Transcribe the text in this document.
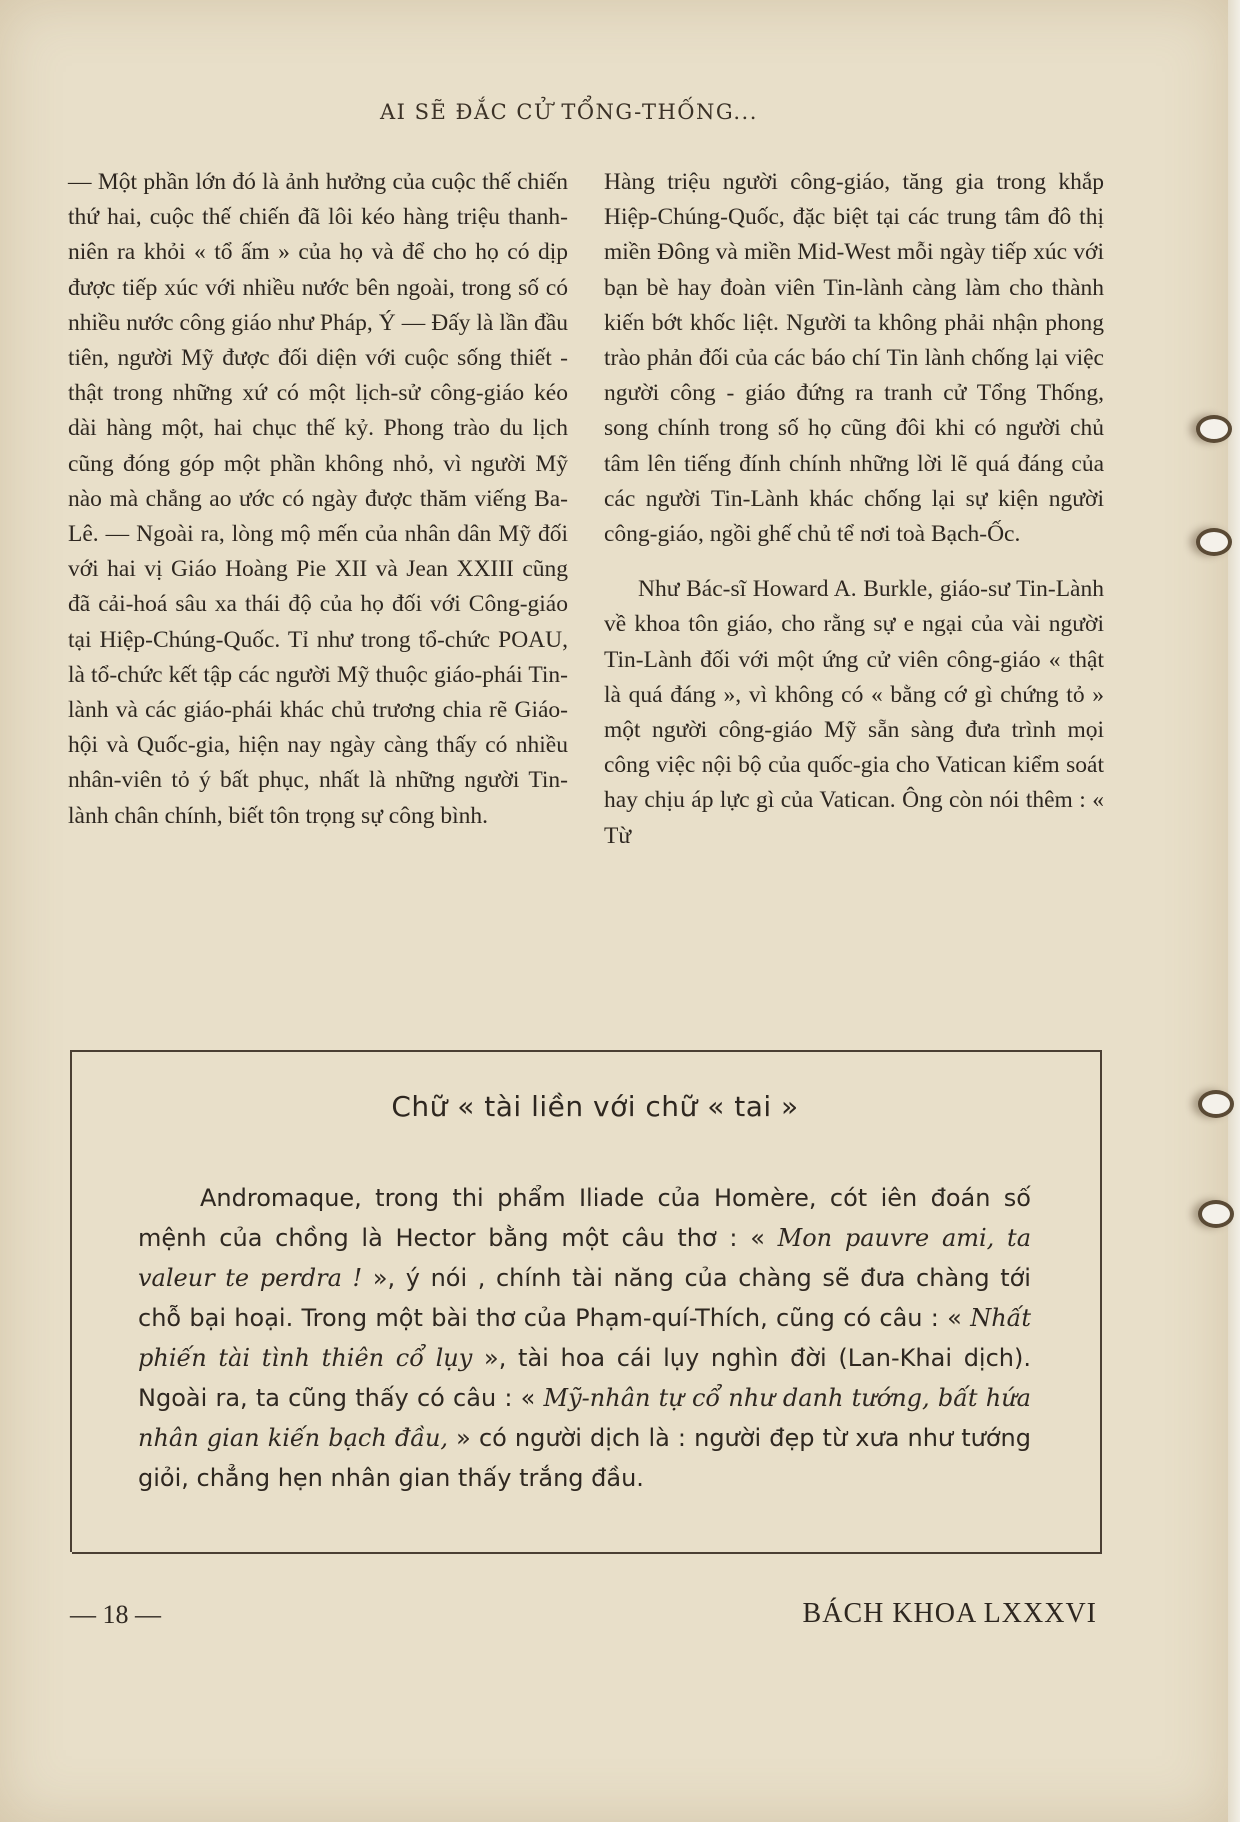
AI SẼ ĐẮC CỬ TỔNG-THỐNG...

— Một phần lớn đó là ảnh hưởng của cuộc thế chiến thứ hai, cuộc thế chiến đã lôi kéo hàng triệu thanh-niên ra khỏi « tổ ấm » của họ và để cho họ có dịp được tiếp xúc với nhiều nước bên ngoài, trong số có nhiều nước công giáo như Pháp, Ý — Đấy là lần đầu tiên, người Mỹ được đối diện với cuộc sống thiết - thật trong những xứ có một lịch-sử công-giáo kéo dài hàng một, hai chục thế kỷ. Phong trào du lịch cũng đóng góp một phần không nhỏ, vì người Mỹ nào mà chẳng ao ước có ngày được thăm viếng Ba-Lê. — Ngoài ra, lòng mộ mến của nhân dân Mỹ đối với hai vị Giáo Hoàng Pie XII và Jean XXIII cũng đã cải-hoá sâu xa thái độ của họ đối với Công-giáo tại Hiệp-Chúng-Quốc. Tỉ như trong tổ-chức POAU, là tổ-chức kết tập các người Mỹ thuộc giáo-phái Tin-lành và các giáo-phái khác chủ trương chia rẽ Giáo-hội và Quốc-gia, hiện nay ngày càng thấy có nhiều nhân-viên tỏ ý bất phục, nhất là những người Tin-lành chân chính, biết tôn trọng sự công bình.

Hàng triệu người công-giáo, tăng gia trong khắp Hiệp-Chúng-Quốc, đặc biệt tại các trung tâm đô thị miền Đông và miền Mid-West mỗi ngày tiếp xúc với bạn bè hay đoàn viên Tin-lành càng làm cho thành kiến bớt khốc liệt. Người ta không phải nhận phong trào phản đối của các báo chí Tin lành chống lại việc người công - giáo đứng ra tranh cử Tổng Thống, song chính trong số họ cũng đôi khi có người chủ tâm lên tiếng đính chính những lời lẽ quá đáng của các người Tin-Lành khác chống lại sự kiện người công-giáo, ngồi ghế chủ tể nơi toà Bạch-Ốc.

Như Bác-sĩ Howard A. Burkle, giáo-sư Tin-Lành về khoa tôn giáo, cho rằng sự e ngại của vài người Tin-Lành đối với một ứng cử viên công-giáo « thật là quá đáng », vì không có « bằng cớ gì chứng tỏ » một người công-giáo Mỹ sẵn sàng đưa trình mọi công việc nội bộ của quốc-gia cho Vatican kiểm soát hay chịu áp lực gì của Vatican. Ông còn nói thêm : « Từ

Chữ « tài liền với chữ « tai »

Andromaque, trong thi phẩm Iliade của Homère, cót iên đoán số mệnh của chồng là Hector bằng một câu thơ : « Mon pauvre ami, ta valeur te perdra ! », ý nói , chính tài năng của chàng sẽ đưa chàng tới chỗ bại hoại. Trong một bài thơ của Phạm-quí-Thích, cũng có câu : « Nhất phiến tài tình thiên cổ lụy », tài hoa cái lụy nghìn đời (Lan-Khai dịch). Ngoài ra, ta cũng thấy có câu : « Mỹ-nhân tự cổ như danh tướng, bất hứa nhân gian kiến bạch đầu, » có người dịch là : người đẹp từ xưa như tướng giỏi, chẳng hẹn nhân gian thấy trắng đầu.

— 18 —	BÁCH KHOA LXXXVI
